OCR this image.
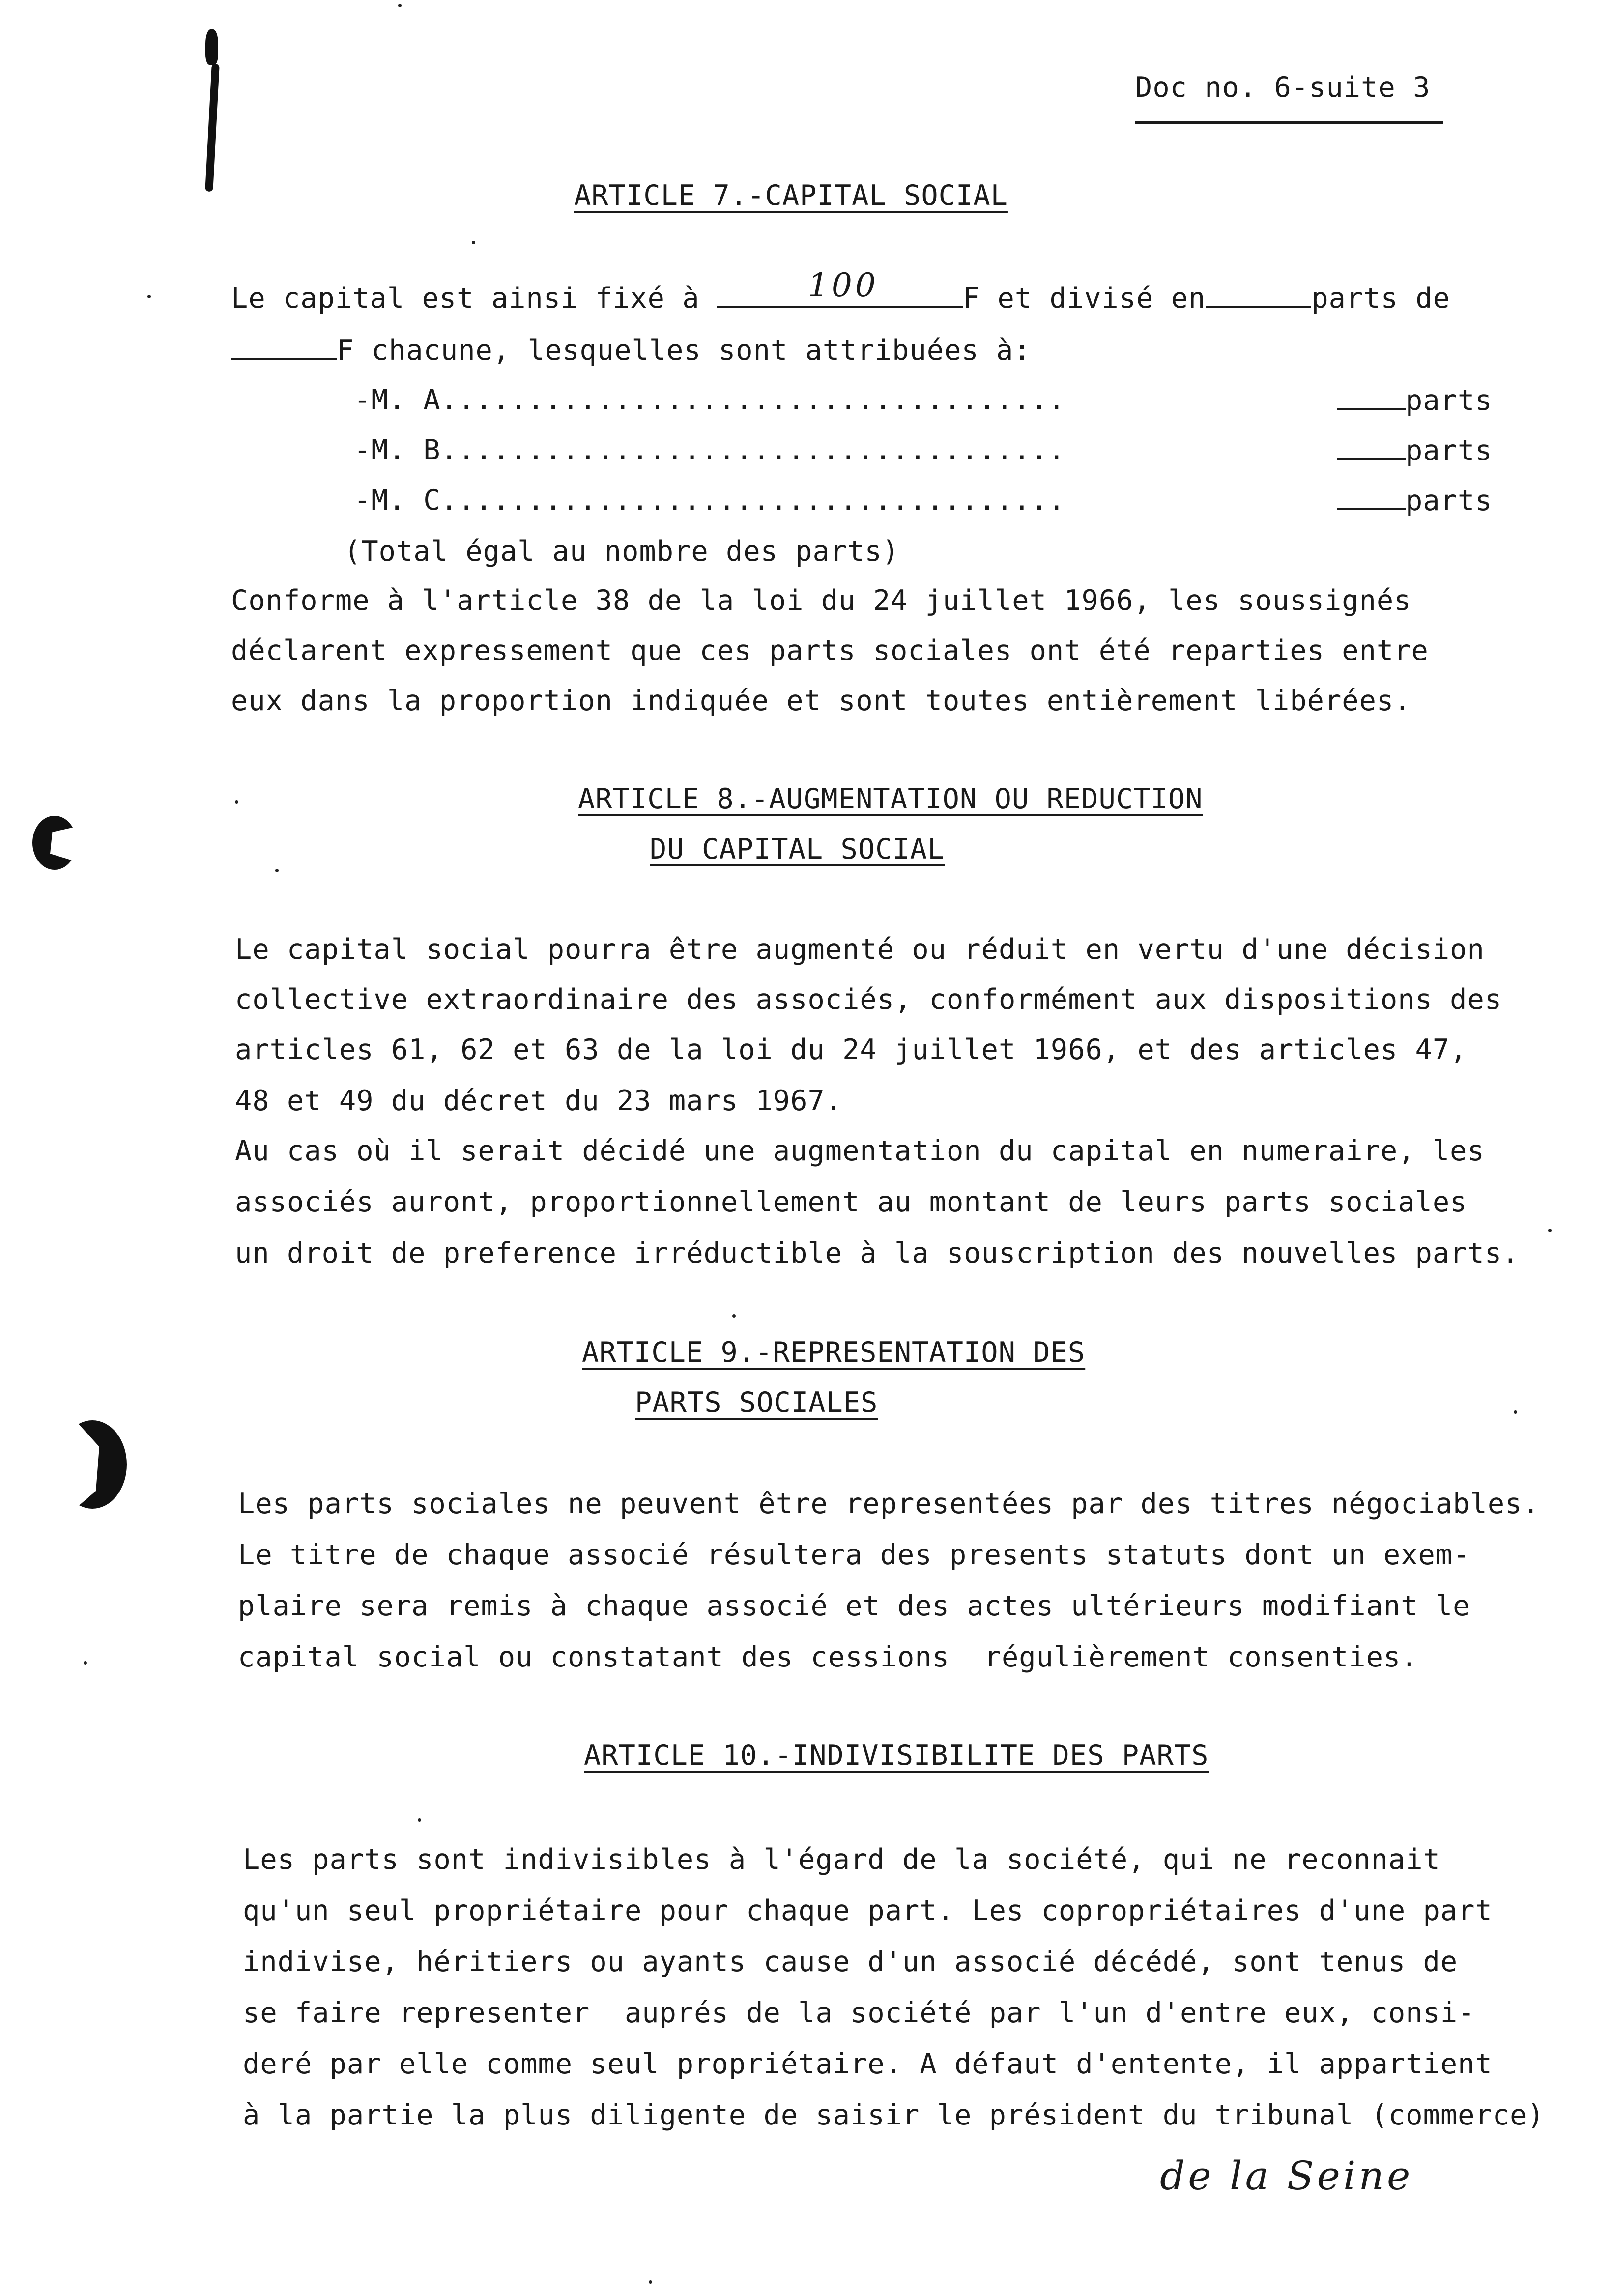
Doc no. 6-suite 3
ARTICLE 7.-CAPITAL SOCIAL
Le capital est ainsi fixé à	100	F et divisé en	parts de
F chacune, lesquelles sont attribuées à:
-M. A....................................	parts
-M. B....................................	parts
-M. C....................................	parts
(Total égal au nombre des parts)
Conforme à l'article 38 de la loi du 24 juillet 1966, les soussignés
déclarent expressement que ces parts sociales ont été reparties entre
eux dans la proportion indiquée et sont toutes entièrement libérées.
ARTICLE 8.-AUGMENTATION OU REDUCTION
DU CAPITAL SOCIAL
Le capital social pourra être augmenté ou réduit en vertu d'une décision
collective extraordinaire des associés, conformément aux dispositions des
articles 61, 62 et 63 de la loi du 24 juillet 1966, et des articles 47,
48 et 49 du décret du 23 mars 1967.
Au cas où il serait décidé une augmentation du capital en numeraire, les
associés auront, proportionnellement au montant de leurs parts sociales
un droit de preference irréductible à la souscription des nouvelles parts.
ARTICLE 9.-REPRESENTATION DES
PARTS SOCIALES
Les parts sociales ne peuvent être representées par des titres négociables.
Le titre de chaque associé résultera des presents statuts dont un exem-
plaire sera remis à chaque associé et des actes ultérieurs modifiant le
capital social ou constatant des cessions  régulièrement consenties.
ARTICLE 10.-INDIVISIBILITE DES PARTS
Les parts sont indivisibles à l'égard de la société, qui ne reconnait
qu'un seul propriétaire pour chaque part. Les copropriétaires d'une part
indivise, héritiers ou ayants cause d'un associé décédé, sont tenus de
se faire representer  auprés de la société par l'un d'entre eux, consi-
deré par elle comme seul propriétaire. A défaut d'entente, il appartient
à la partie la plus diligente de saisir le président du tribunal (commerce)
de la Seine
